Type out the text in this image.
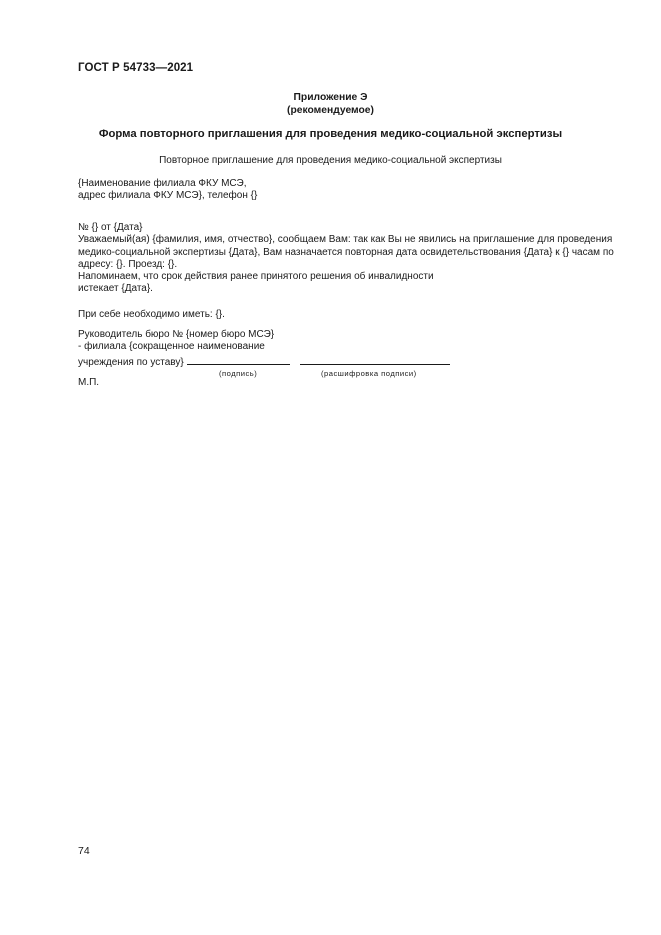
ГОСТ Р 54733—2021
Приложение Э
(рекомендуемое)
Форма повторного приглашения для проведения медико-социальной экспертизы
Повторное приглашение для проведения медико-социальной экспертизы
{Наименование филиала ФКУ МСЭ,
адрес филиала ФКУ МСЭ}, телефон {}
№ {} от {Дата}
Уважаемый(ая) {фамилия, имя, отчество}, сообщаем Вам: так как Вы не явились на приглашение для проведения
медико-социальной экспертизы {Дата}, Вам назначается повторная дата освидетельствования {Дата} к {} часам по
адресу: {}. Проезд: {}.
Напоминаем, что срок действия ранее принятого решения об инвалидности
истекает {Дата}.
При себе необходимо иметь: {}.
Руководитель бюро № {номер бюро МСЭ}
- филиала {сокращенное наименование
учреждения по уставу}
(подпись)	(расшифровка подписи)
М.П.
74
